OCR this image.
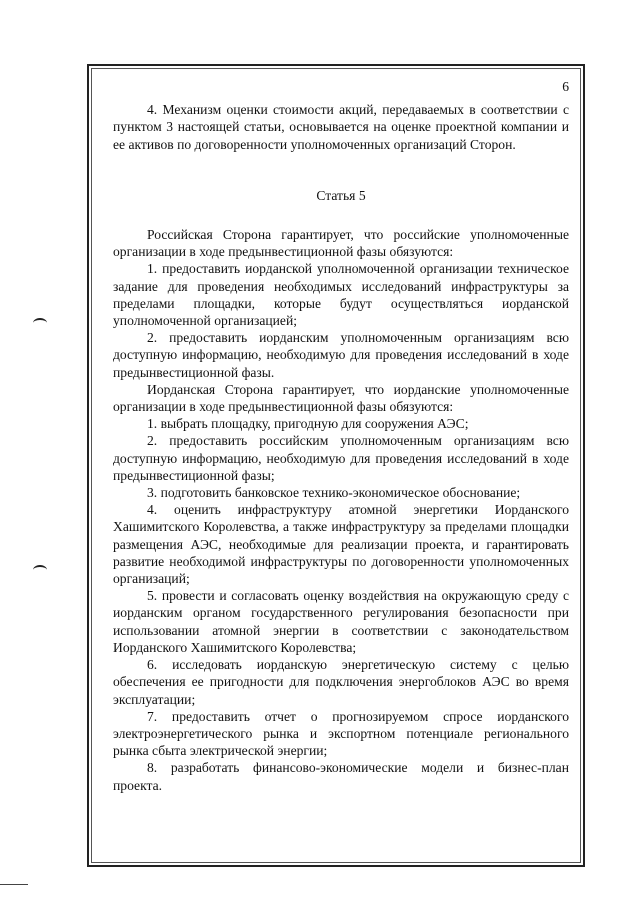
6

4. Механизм оценки стоимости акций, передаваемых в соответствии с пунктом 3 настоящей статьи, основывается на оценке проектной компании и ее активов по договоренности уполномоченных организаций Сторон.

Статья 5

Российская Сторона гарантирует, что российские уполномоченные организации в ходе предынвестиционной фазы обязуются:

1. предоставить иорданской уполномоченной организации техническое задание для проведения необходимых исследований инфраструктуры за пределами площадки, которые будут осуществляться иорданской уполномоченной организацией;

2. предоставить иорданским уполномоченным организациям всю доступную информацию, необходимую для проведения исследований в ходе предынвестиционной фазы.

Иорданская Сторона гарантирует, что иорданские уполномоченные организации в ходе предынвестиционной фазы обязуются:

1. выбрать площадку, пригодную для сооружения АЭС;

2. предоставить российским уполномоченным организациям всю доступную информацию, необходимую для проведения исследований в ходе предынвестиционной фазы;

3. подготовить банковское технико-экономическое обоснование;

4. оценить инфраструктуру атомной энергетики Иорданского Хашимитского Королевства, а также инфраструктуру за пределами площадки размещения АЭС, необходимые для реализации проекта, и гарантировать развитие необходимой инфраструктуры по договоренности уполномоченных организаций;

5. провести и согласовать оценку воздействия на окружающую среду с иорданским органом государственного регулирования безопасности при использовании атомной энергии в соответствии с законодательством Иорданского Хашимитского Королевства;

6. исследовать иорданскую энергетическую систему с целью обеспечения ее пригодности для подключения энергоблоков АЭС во время эксплуатации;

7. предоставить отчет о прогнозируемом спросе иорданского электроэнергетического рынка и экспортном потенциале регионального рынка сбыта электрической энергии;

8. разработать финансово-экономические модели и бизнес-план проекта.
